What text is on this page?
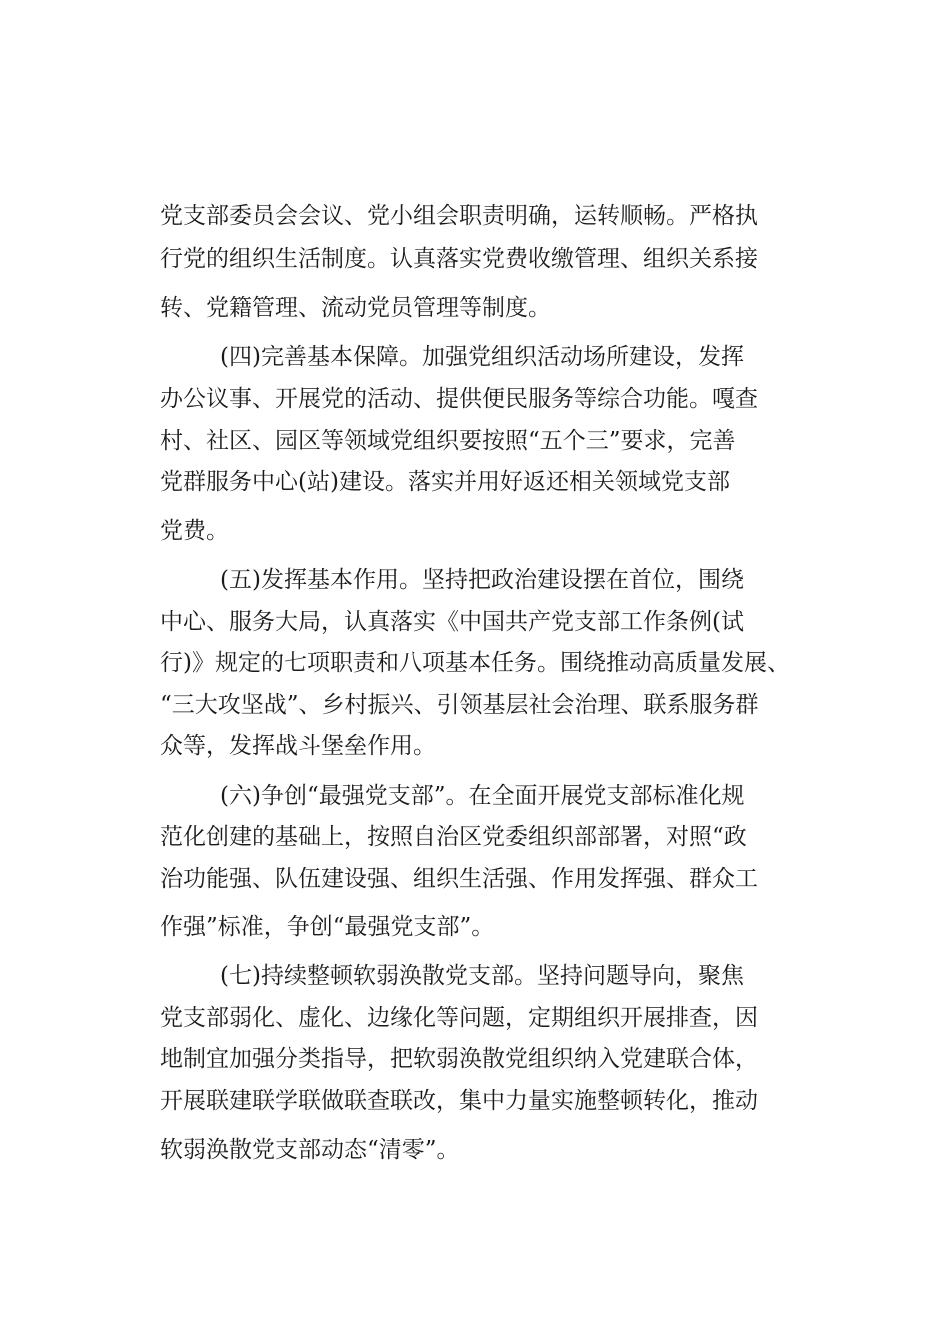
党支部委员会会议、党小组会职责明确，运转顺畅。严格执
行党的组织生活制度。认真落实党费收缴管理、组织关系接
转、党籍管理、流动党员管理等制度。
(四)完善基本保障。加强党组织活动场所建设，发挥
办公议事、开展党的活动、提供便民服务等综合功能。嘎查
村、社区、园区等领域党组织要按照“五个三”要求，完善
党群服务中心(站)建设。落实并用好返还相关领域党支部
党费。
(五)发挥基本作用。坚持把政治建设摆在首位，围绕
中心、服务大局，认真落实《中国共产党支部工作条例(试
行)》规定的七项职责和八项基本任务。围绕推动高质量发展、
“三大攻坚战”、乡村振兴、引领基层社会治理、联系服务群
众等，发挥战斗堡垒作用。
(六)争创“最强党支部”。在全面开展党支部标准化规
范化创建的基础上，按照自治区党委组织部部署，对照“政
治功能强、队伍建设强、组织生活强、作用发挥强、群众工
作强”标准，争创“最强党支部”。
(七)持续整顿软弱涣散党支部。坚持问题导向，聚焦
党支部弱化、虚化、边缘化等问题，定期组织开展排查，因
地制宜加强分类指导，把软弱涣散党组织纳入党建联合体，
开展联建联学联做联查联改，集中力量实施整顿转化，推动
软弱涣散党支部动态“清零”。
